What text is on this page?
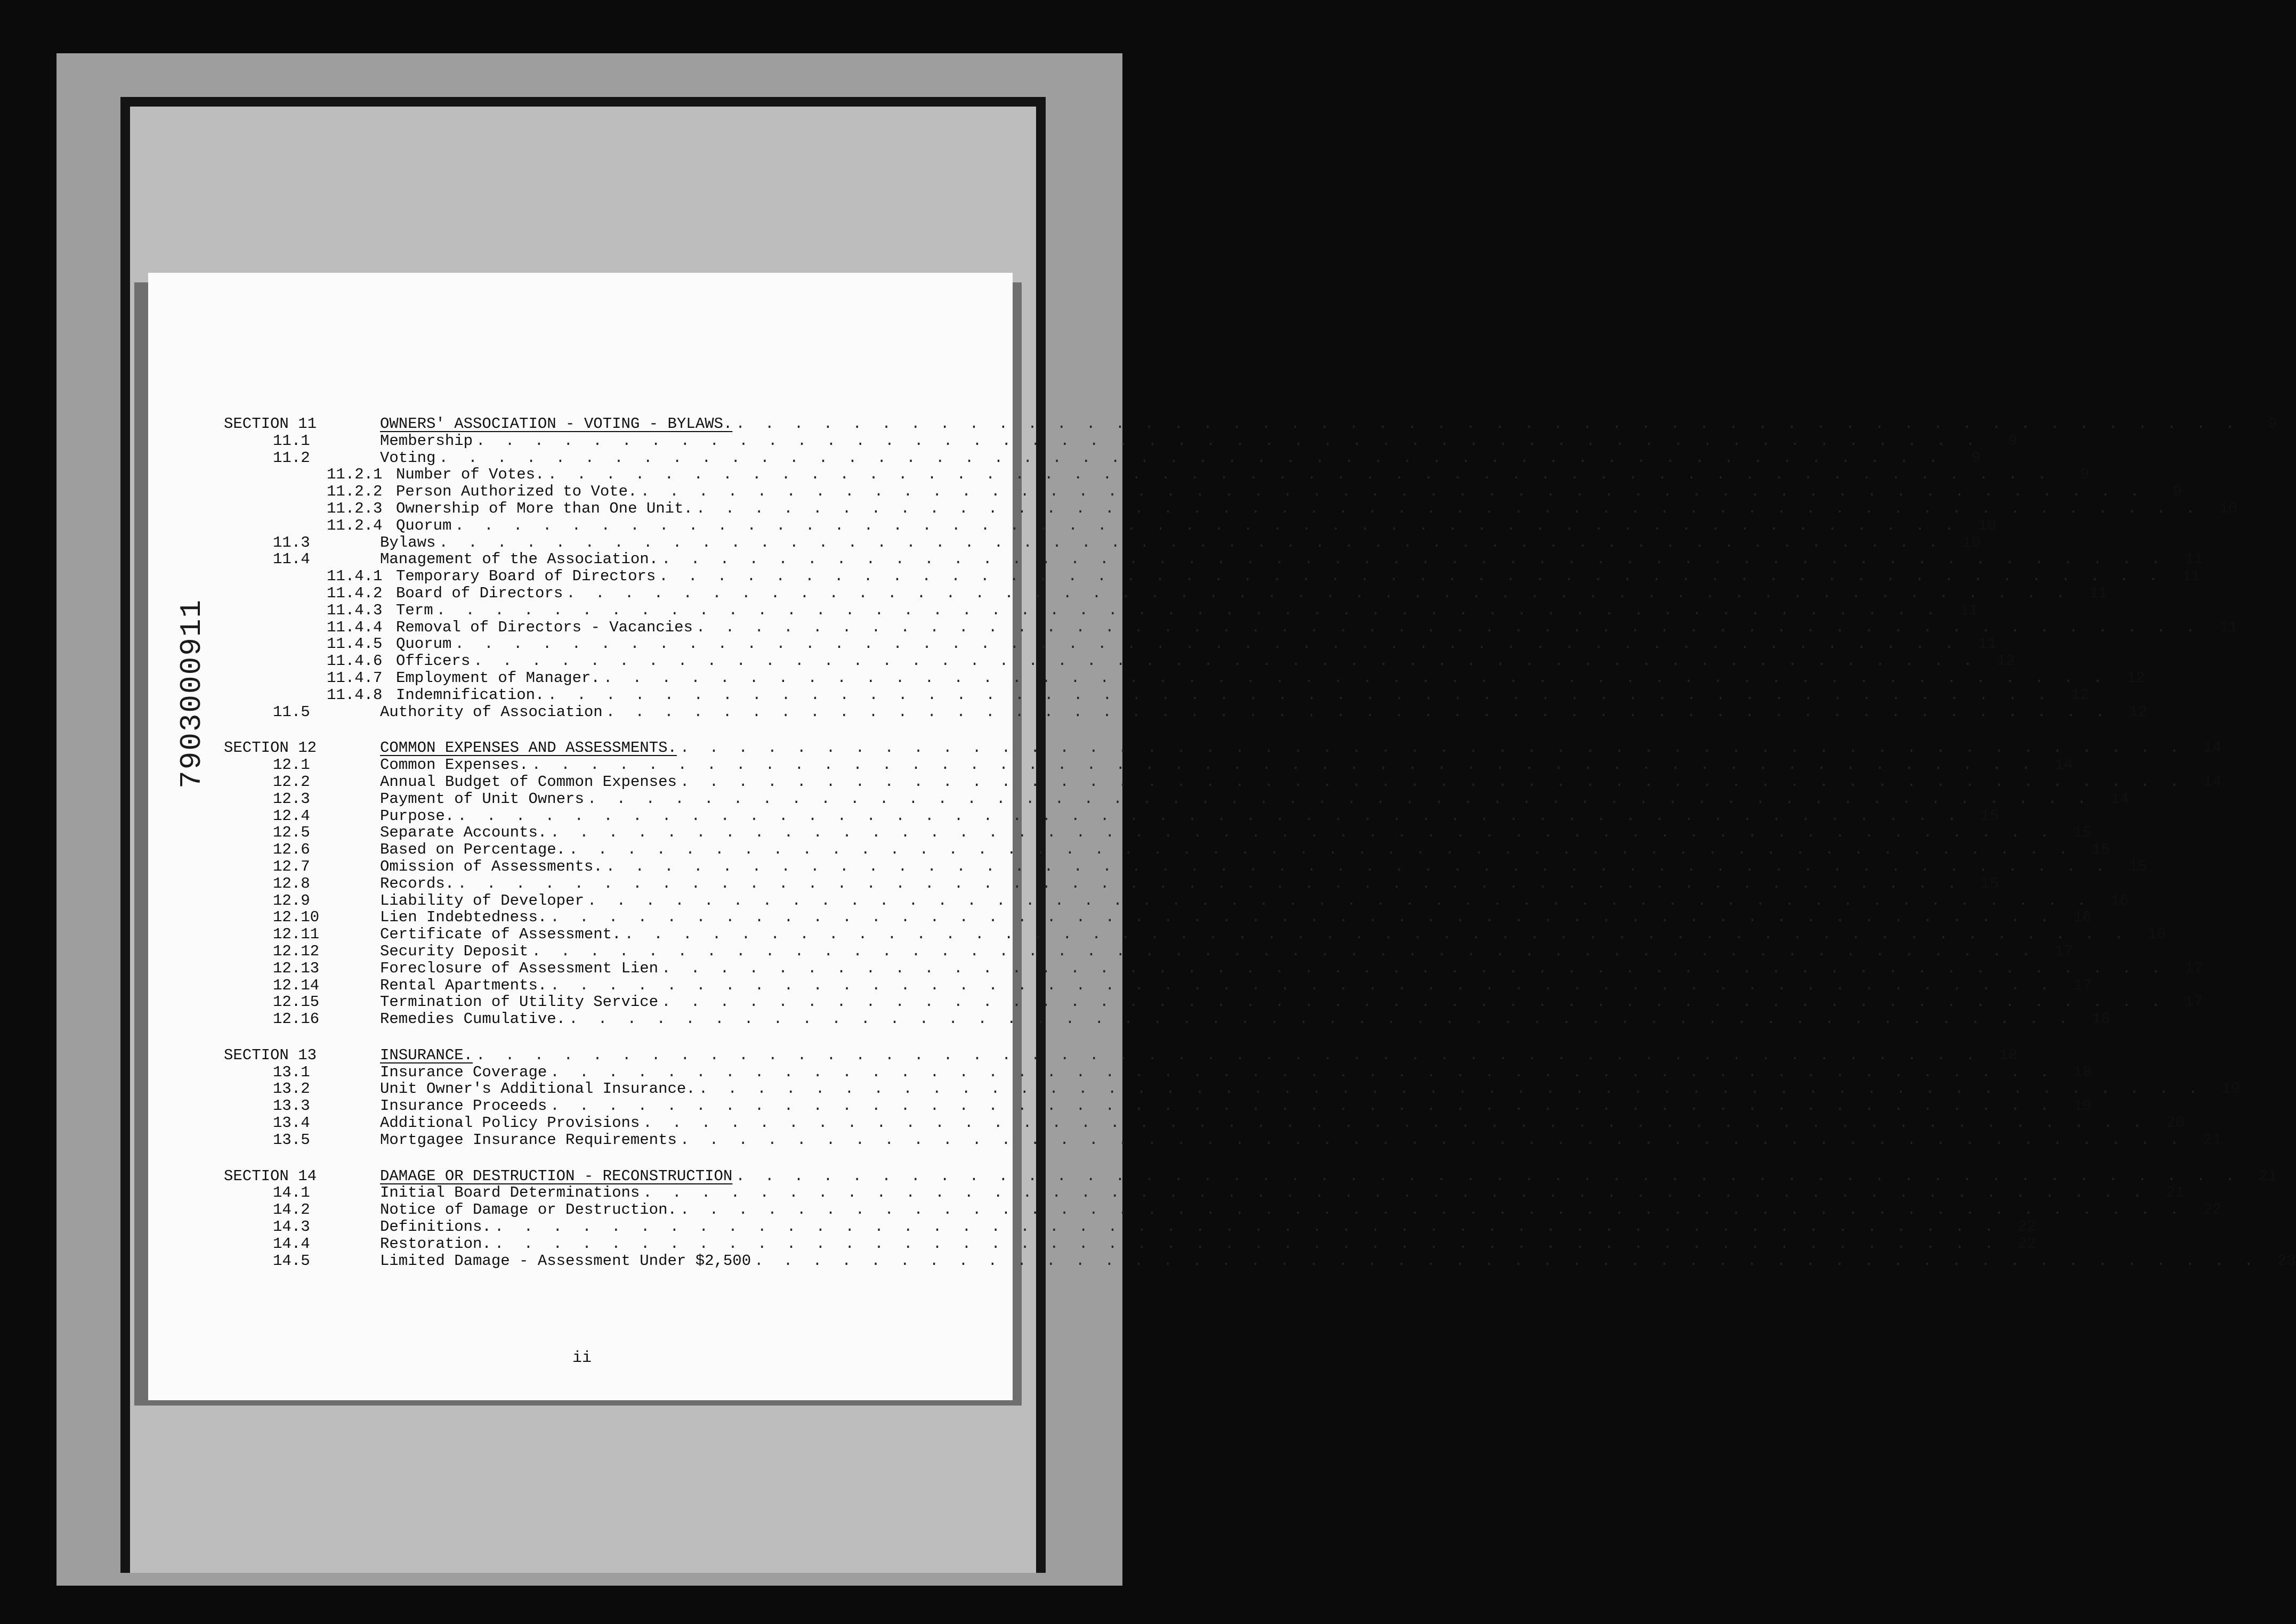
7903000911
SECTION 11	OWNERS' ASSOCIATION - VOTING - BYLAWS. . . . . . . . . . . . . . . . . . . . . . . . . . . . . . . . . . . . . . . . . . . . . . . . . . . . .	9
11.1	Membership . . . . . . . . . . . . . . . . . . . . . . . . . . . . . . . . . . . . . . . . . . . . . . . . . . . .	9
11.2	Voting . . . . . . . . . . . . . . . . . . . . . . . . . . . . . . . . . . . . . . . . . . . . . . . . . . . .	9
11.2.1 Number of Votes. . . . . . . . . . . . . . . . . . . . . . . . . . . . . . . . . . . . . . . . . . . . . . . . . . . . .	9
11.2.2 Person Authorized to Vote. . . . . . . . . . . . . . . . . . . . . . . . . . . . . . . . . . . . . . . . . . . . . . . . . . . . .	9
11.2.3 Ownership of More than One Unit. . . . . . . . . . . . . . . . . . . . . . . . . . . . . . . . . . . . . . . . . . . . . . . . . . . . .	10
11.2.4 Quorum . . . . . . . . . . . . . . . . . . . . . . . . . . . . . . . . . . . . . . . . . . . . . . . . . . . .	10
11.3	Bylaws . . . . . . . . . . . . . . . . . . . . . . . . . . . . . . . . . . . . . . . . . . . . . . . . . . . .	10
11.4	Management of the Association. . . . . . . . . . . . . . . . . . . . . . . . . . . . . . . . . . . . . . . . . . . . . . . . . . . . .	11
11.4.1 Temporary Board of Directors . . . . . . . . . . . . . . . . . . . . . . . . . . . . . . . . . . . . . . . . . . . . . . . . . . . .	11
11.4.2 Board of Directors . . . . . . . . . . . . . . . . . . . . . . . . . . . . . . . . . . . . . . . . . . . . . . . . . . . .	11
11.4.3 Term . . . . . . . . . . . . . . . . . . . . . . . . . . . . . . . . . . . . . . . . . . . . . . . . . . . .	11
11.4.4 Removal of Directors - Vacancies . . . . . . . . . . . . . . . . . . . . . . . . . . . . . . . . . . . . . . . . . . . . . . . . . . . .	11
11.4.5 Quorum . . . . . . . . . . . . . . . . . . . . . . . . . . . . . . . . . . . . . . . . . . . . . . . . . . . .	11
11.4.6 Officers . . . . . . . . . . . . . . . . . . . . . . . . . . . . . . . . . . . . . . . . . . . . . . . . . . . .	12
11.4.7 Employment of Manager. . . . . . . . . . . . . . . . . . . . . . . . . . . . . . . . . . . . . . . . . . . . . . . . . . . . .	12
11.4.8 Indemnification. . . . . . . . . . . . . . . . . . . . . . . . . . . . . . . . . . . . . . . . . . . . . . . . . . . . .	12
11.5	Authority of Association . . . . . . . . . . . . . . . . . . . . . . . . . . . . . . . . . . . . . . . . . . . . . . . . . . . .	12
SECTION 12	COMMON EXPENSES AND ASSESSMENTS. . . . . . . . . . . . . . . . . . . . . . . . . . . . . . . . . . . . . . . . . . . . . . . . . . . . .	14
12.1	Common Expenses. . . . . . . . . . . . . . . . . . . . . . . . . . . . . . . . . . . . . . . . . . . . . . . . . . . . .	14
12.2	Annual Budget of Common Expenses . . . . . . . . . . . . . . . . . . . . . . . . . . . . . . . . . . . . . . . . . . . . . . . . . . . .	14
12.3	Payment of Unit Owners . . . . . . . . . . . . . . . . . . . . . . . . . . . . . . . . . . . . . . . . . . . . . . . . . . . .	14
12.4	Purpose. . . . . . . . . . . . . . . . . . . . . . . . . . . . . . . . . . . . . . . . . . . . . . . . . . . . .	15
12.5	Separate Accounts. . . . . . . . . . . . . . . . . . . . . . . . . . . . . . . . . . . . . . . . . . . . . . . . . . . . .	15
12.6	Based on Percentage. . . . . . . . . . . . . . . . . . . . . . . . . . . . . . . . . . . . . . . . . . . . . . . . . . . . .	15
12.7	Omission of Assessments. . . . . . . . . . . . . . . . . . . . . . . . . . . . . . . . . . . . . . . . . . . . . . . . . . . . .	15
12.8	Records. . . . . . . . . . . . . . . . . . . . . . . . . . . . . . . . . . . . . . . . . . . . . . . . . . . . .	15
12.9	Liability of Developer . . . . . . . . . . . . . . . . . . . . . . . . . . . . . . . . . . . . . . . . . . . . . . . . . . . .	16
12.10	Lien Indebtedness. . . . . . . . . . . . . . . . . . . . . . . . . . . . . . . . . . . . . . . . . . . . . . . . . . . . .	16
12.11	Certificate of Assessment. . . . . . . . . . . . . . . . . . . . . . . . . . . . . . . . . . . . . . . . . . . . . . . . . . . . .	16
12.12	Security Deposit . . . . . . . . . . . . . . . . . . . . . . . . . . . . . . . . . . . . . . . . . . . . . . . . . . . .	17
12.13	Foreclosure of Assessment Lien . . . . . . . . . . . . . . . . . . . . . . . . . . . . . . . . . . . . . . . . . . . . . . . . . . . .	17
12.14	Rental Apartments. . . . . . . . . . . . . . . . . . . . . . . . . . . . . . . . . . . . . . . . . . . . . . . . . . . . .	17
12.15	Termination of Utility Service . . . . . . . . . . . . . . . . . . . . . . . . . . . . . . . . . . . . . . . . . . . . . . . . . . . .	17
12.16	Remedies Cumulative. . . . . . . . . . . . . . . . . . . . . . . . . . . . . . . . . . . . . . . . . . . . . . . . . . . . .	18
SECTION 13	INSURANCE. . . . . . . . . . . . . . . . . . . . . . . . . . . . . . . . . . . . . . . . . . . . . . . . . . . . .	18
13.1	Insurance Coverage . . . . . . . . . . . . . . . . . . . . . . . . . . . . . . . . . . . . . . . . . . . . . . . . . . . .	18
13.2	Unit Owner's Additional Insurance. . . . . . . . . . . . . . . . . . . . . . . . . . . . . . . . . . . . . . . . . . . . . . . . . . . . .	19
13.3	Insurance Proceeds . . . . . . . . . . . . . . . . . . . . . . . . . . . . . . . . . . . . . . . . . . . . . . . . . . . .	19
13.4	Additional Policy Provisions . . . . . . . . . . . . . . . . . . . . . . . . . . . . . . . . . . . . . . . . . . . . . . . . . . . .	20
13.5	Mortgagee Insurance Requirements . . . . . . . . . . . . . . . . . . . . . . . . . . . . . . . . . . . . . . . . . . . . . . . . . . . .	21
SECTION 14	DAMAGE OR DESTRUCTION - RECONSTRUCTION . . . . . . . . . . . . . . . . . . . . . . . . . . . . . . . . . . . . . . . . . . . . . . . . . . . .	21
14.1	Initial Board Determinations . . . . . . . . . . . . . . . . . . . . . . . . . . . . . . . . . . . . . . . . . . . . . . . . . . . .	21
14.2	Notice of Damage or Destruction. . . . . . . . . . . . . . . . . . . . . . . . . . . . . . . . . . . . . . . . . . . . . . . . . . . . .	22
14.3	Definitions. . . . . . . . . . . . . . . . . . . . . . . . . . . . . . . . . . . . . . . . . . . . . . . . . . . . .	22
14.4	Restoration. . . . . . . . . . . . . . . . . . . . . . . . . . . . . . . . . . . . . . . . . . . . . . . . . . . . .	22
14.5	Limited Damage - Assessment Under $2,500 . . . . . . . . . . . . . . . . . . . . . . . . . . . . . . . . . . . . . . . . . . . . . . . . . . . .	23
ii
